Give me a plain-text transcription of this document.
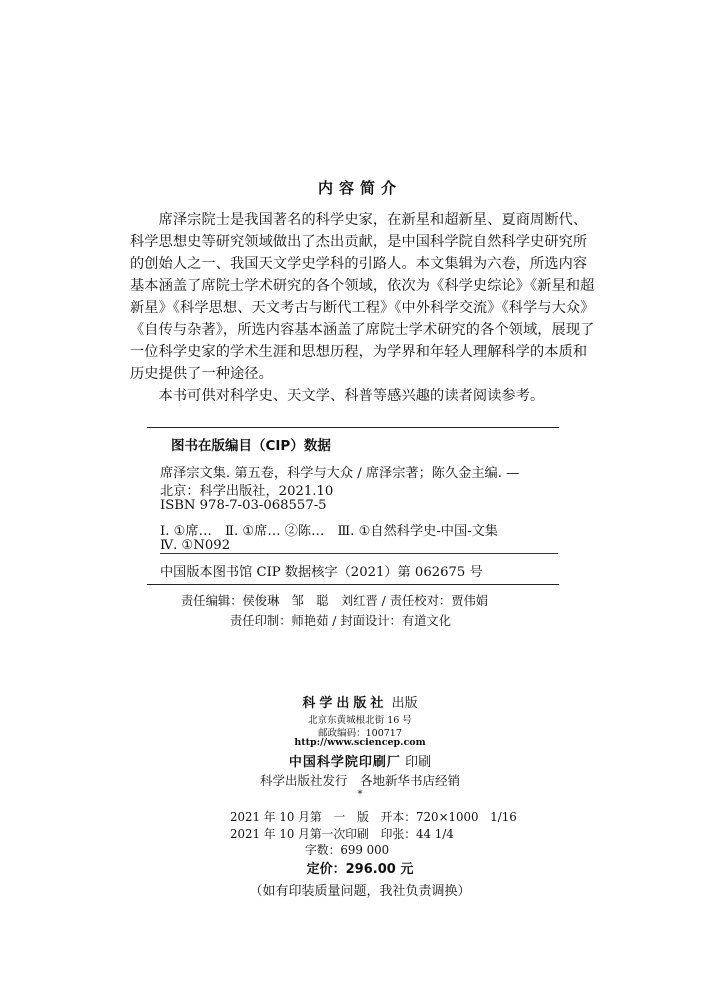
内容简介
　　席泽宗院士是我国著名的科学史家，在新星和超新星、夏商周断代、
科学思想史等研究领域做出了杰出贡献，是中国科学院自然科学史研究所
的创始人之一、我国天文学史学科的引路人。本文集辑为六卷，所选内容
基本涵盖了席院士学术研究的各个领域，依次为《科学史综论》《新星和超
新星》《科学思想、天文考古与断代工程》《中外科学交流》《科学与大众》
《自传与杂著》，所选内容基本涵盖了席院士学术研究的各个领域，展现了
一位科学史家的学术生涯和思想历程，为学界和年轻人理解科学的本质和
历史提供了一种途径。
　　本书可供对科学史、天文学、科普等感兴趣的读者阅读参考。
图书在版编目（CIP）数据
席泽宗文集. 第五卷，科学与大众 / 席泽宗著；陈久金主编. —
北京：科学出版社，2021.10
ISBN 978-7-03-068557-5
Ⅰ. ①席…　Ⅱ. ①席… ②陈…　Ⅲ. ①自然科学史-中国-文集
Ⅳ. ①N092
中国版本图书馆 CIP 数据核字（2021）第 062675 号
责任编辑：侯俊琳　邹　聪　刘红晋 / 责任校对：贾伟娟
责任印制：师艳茹 / 封面设计：有道文化
科学出版社 出版
北京东黄城根北街 16 号
邮政编码：100717
http://www.sciencep.com
中国科学院印刷厂 印刷
科学出版社发行　各地新华书店经销
*
2021 年 10 月第　一　版　开本：720×1000　1/16
2021 年 10 月第一次印刷　印张：44 1/4
字数：699 000
定价：296.00 元
（如有印装质量问题，我社负责调换）
